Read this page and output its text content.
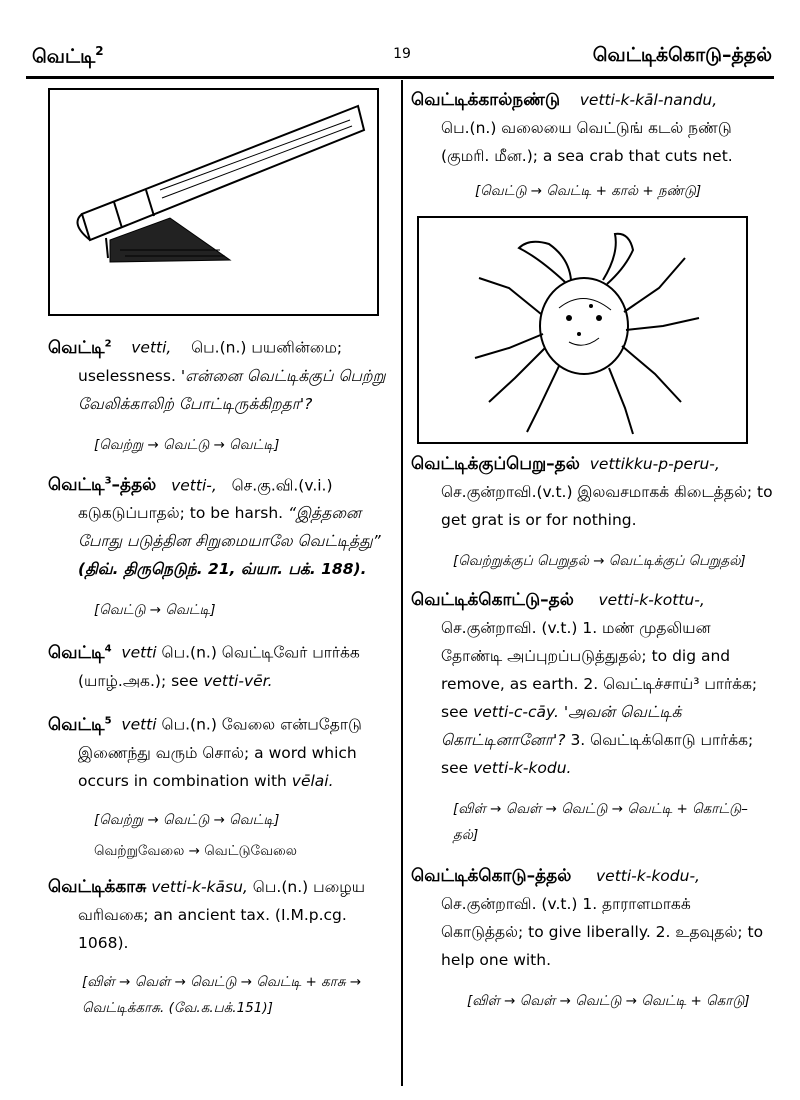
வெட்டி$^2$	19	வெட்டிக்கொடு–த்தல்
வெட்டி$^2$ vetti, பெ.(n.) பயனின்மை;
uselessness. 'என்னை வெட்டிக்குப் பெற்று வேலிக்காலிற் போட்டிருக்கிறதா'?
[வெற்று → வெட்டு → வெட்டி]
வெட்டி$^3$–த்தல் vetti-, செ.கு.வி.(v.i.)
கடுகடுப்பாதல்; to be harsh. “இத்தனை போது படுத்தின சிறுமையாலே வெட்டித்து” (திவ். திருநெடுந். 21, வ்யா. பக். 188).
[வெட்டு → வெட்டி]
வெட்டி$^4$ vetti பெ.(n.) வெட்டிவேர் பார்க்க
(யாழ்.அக.); see vetti-vēr.
வெட்டி$^5$ vetti பெ.(n.) வேலை என்பதோடு
இணைந்து வரும் சொல்; a word which occurs in combination with vēlai.
[வெற்று → வெட்டு → வெட்டி]
வெற்றுவேலை → வெட்டுவேலை
வெட்டிக்காசு vetti-k-kāsu, பெ.(n.) பழைய
வரிவகை; an ancient tax. (I.M.p.cg. 1068).
[விள் → வெள் → வெட்டு → வெட்டி + காசு → வெட்டிக்காசு. (வே.க.பக்.151)]
வெட்டிக்கால்நண்டு vetti-k-kāl-nandu,
பெ.(n.) வலையை வெட்டுங் கடல் நண்டு (குமரி. மீன.); a sea crab that cuts net.
[வெட்டு → வெட்டி + கால் + நண்டு]
வெட்டிக்குப்பெறு–தல் vettikku-p-peru-,
செ.குன்றாவி.(v.t.) இலவசமாகக் கிடைத்தல்; to get grat is or for nothing.
[வெற்றுக்குப் பெறுதல் → வெட்டிக்குப் பெறுதல்]
வெட்டிக்கொட்டு–தல் vetti-k-kottu-,
செ.குன்றாவி. (v.t.) 1. மண் முதலியன தோண்டி அப்புறப்படுத்துதல்; to dig and remove, as earth. 2. வெட்டிச்சாய்³ பார்க்க; see vetti-c-cāy. 'அவன் வெட்டிக் கொட்டினானோ'? 3. வெட்டிக்கொடு பார்க்க; see vetti-k-kodu.
[விள் → வெள் → வெட்டு → வெட்டி + கொட்டு–தல்]
வெட்டிக்கொடு–த்தல் vetti-k-kodu-,
செ.குன்றாவி. (v.t.) 1. தாராளமாகக் கொடுத்தல்; to give liberally. 2. உதவுதல்; to help one with.
[விள் → வெள் → வெட்டு → வெட்டி + கொடு]
